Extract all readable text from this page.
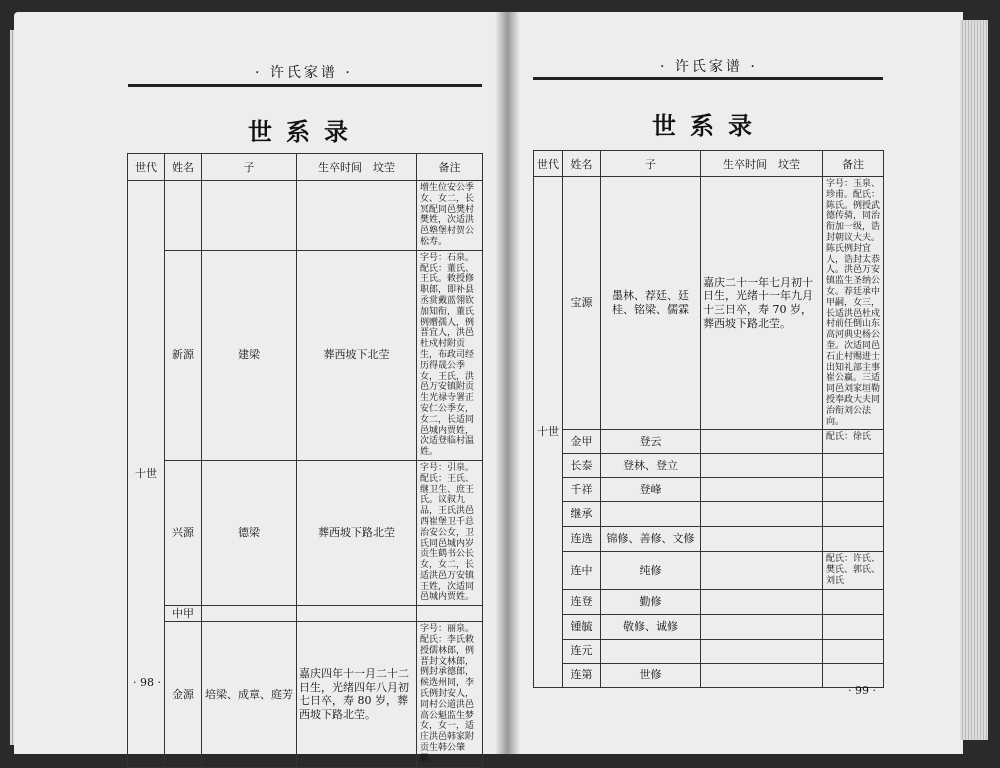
· 许氏家谱 ·
世系录
世代	姓名	子	生卒时间　坟茔	备注
十世				增生位安公季女、女二，长冥配同邑樊村樊姓，次适洪邑塾堡村贺公松寿。
	新源	建梁	葬西坡下北茔	字号：石泉。配氏：董氏、王氏。敕授修职郎，即补县丞赏戴蓝翎钦加知衔，董氏例赠孺人，例晋宜人，洪邑杜戍村附贡生，布政司经历得晟公季女，王氏，洪邑万安镇附贡生光禄寺署正安仁公季女，女二，长适同邑城内贾姓，次适登临村温姓。
	兴源	德梁	葬西坡下路北茔	字号：引泉。配氏：王氏、继卫生、庶王氏。议叙九品，王氏洪邑西崔堡卫千总治安公女，卫氏同邑城内岁贡生鹤书公长女，女二，长适洪邑万安镇王姓，次适同邑城内贾姓。
	中甲			
	金源	培梁、成章、庭芳	嘉庆四年十一月二十二日生，光绪四年八月初七日卒，寿 80 岁，葬西坡下路北茔。	字号：丽泉。配氏：李氏敕授儒林郎，例晋封文林郎，例封承德郎，候选州同，李氏例封安人，同村公道洪邑高公魁监生梦女，女一，适庄洪邑韩家附贡生韩公肇鹏。
· 98 ·
· 许氏家谱 ·
世系录
世代	姓名	子	生卒时间　坟茔	备注
十世	宝源	墨林、荐廷、廷桂、铭梁、儒霖	嘉庆二十一年七月初十日生，光绪十一年九月十三日卒，寿 70 岁，葬西坡下路北茔。	字号：玉泉、珍甫。配氏：陈氏。例授武德传骑，同治衔加一级，诰封朝议大夫。陈氏例封宜人，诰封太恭人。洪邑万安镇监生圣纳公女。荐廷承中甲嗣，女三，长适洪邑杜戍村前任倒山东高河典史杨公奎。次适同邑石止村赐进士出知礼部主事崔公赢。三适同邑刘家垣勒授奉政大夫同治衔刘公法向。
	金甲	登云		配氏：徐氏
	长泰	登林、登立		
	千祥	登峰		
	继承			
	连选	锦修、善修、文修		
	连中	纯修		配氏：许氏、樊氏、郭氏、刘氏
	连登	勤修		
	锺毓	敬修、诚修		
	连元			
	连第	世修		
· 99 ·
